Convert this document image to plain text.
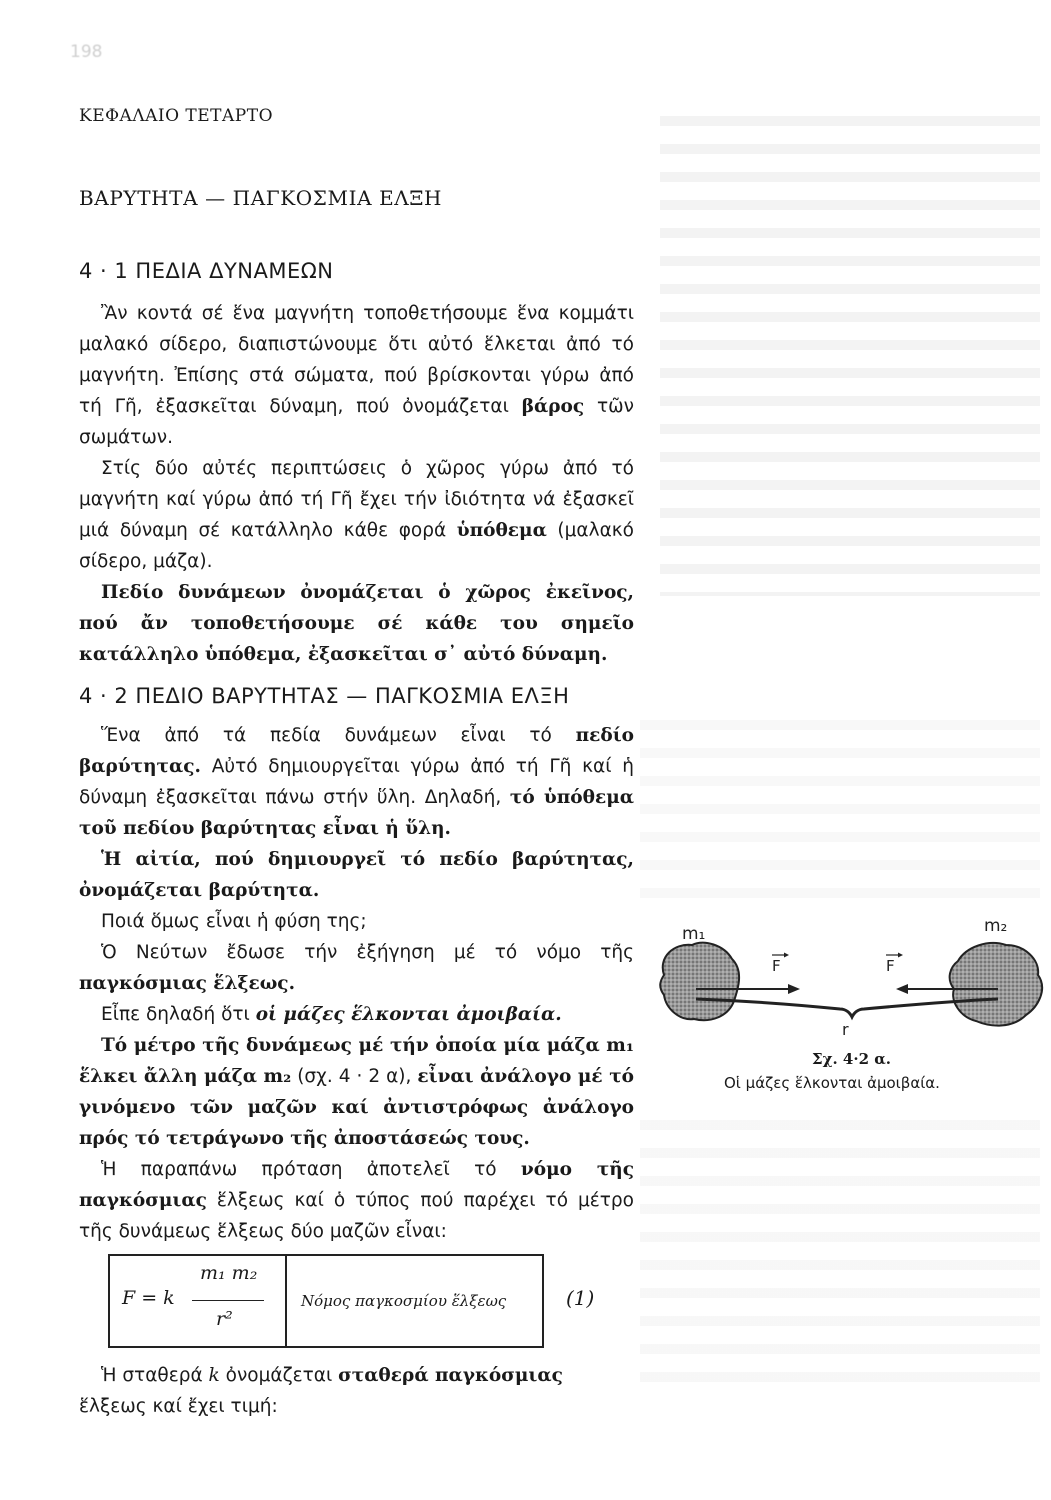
198
ΚΕΦΑΛΑΙΟ ΤΕΤΑΡΤΟ
ΒΑΡΥΤΗΤΑ — ΠΑΓΚΟΣΜΙΑ ΕΛΞΗ
4 · 1 ΠΕΔΙΑ ΔΥΝΑΜΕΩΝ

Ἂν κοντά σέ ἕνα μαγνήτη τοποθετήσουμε ἕνα κομμάτι μαλακό σίδερο, διαπιστώνουμε ὅτι αὐτό ἕλκεται ἀπό τό μαγνήτη. Ἐπίσης στά σώματα, πού βρίσκονται γύρω ἀπό τή Γῆ, ἐξασκεῖται δύναμη, πού ὀνομάζεται βάρος τῶν σωμάτων.

Στίς δύο αὐτές περιπτώσεις ὁ χῶρος γύρω ἀπό τό μαγνήτη καί γύρω ἀπό τή Γῆ ἔχει τήν ἰδιότητα νά ἐξασκεῖ μιά δύναμη σέ κατάλληλο κάθε φορά ὑπόθεμα (μαλακό σίδερο, μάζα).

Πεδίο δυνάμεων ὀνομάζεται ὁ χῶρος ἐκεῖνος, πού ἄν τοποθετήσουμε σέ κάθε του σημεῖο κατάλληλο ὑπόθεμα, ἐξασκεῖται σ᾽ αὐτό δύναμη.

4 · 2 ΠΕΔΙΟ ΒΑΡΥΤΗΤΑΣ — ΠΑΓΚΟΣΜΙΑ ΕΛΞΗ

Ἕνα ἀπό τά πεδία δυνάμεων εἶναι τό πεδίο βαρύτητας. Αὐτό δημιουργεῖται γύρω ἀπό τή Γῆ καί ἡ δύναμη ἐξασκεῖται πάνω στήν ὕλη. Δηλαδή, τό ὑπόθεμα τοῦ πεδίου βαρύτητας εἶναι ἡ ὕλη.

Ἡ αἰτία, πού δημιουργεῖ τό πεδίο βαρύτητας, ὀνομάζεται βαρύτητα.

Ποιά ὅμως εἶναι ἡ φύση της;

Ὁ Νεύτων ἔδωσε τήν ἐξήγηση μέ τό νόμο τῆς παγκόσμιας ἕλξεως.

Εἶπε δηλαδή ὅτι οἱ μάζες ἕλκονται ἀμοιβαία.

Τό μέτρο τῆς δυνάμεως μέ τήν ὁποία μία μάζα m₁ ἕλκει ἄλλη μάζα m₂ (σχ. 4 · 2 α), εἶναι ἀνάλογο μέ τό γινόμενο τῶν μαζῶν καί ἀντιστρόφως ἀνάλογο πρός τό τετράγωνο τῆς ἀποστάσεώς τους.

Ἡ παραπάνω πρόταση ἀποτελεῖ τό νόμο τῆς παγκόσμιας ἕλξεως καί ὁ τύπος πού παρέχει τό μέτρο τῆς δυνάμεως ἕλξεως δύο μαζῶν εἶναι:

F = k
m₁ m₂
r²
Νόμος παγκοσμίου ἕλξεως	(1)
Ἡ σταθερά k ὀνομάζεται σταθερά παγκόσμιας
ἕλξεως καί ἔχει τιμή:
m₁	m₂
F	F
r
Σχ. 4·2 α.
Οἱ μάζες ἕλκονται ἀμοιβαία.
